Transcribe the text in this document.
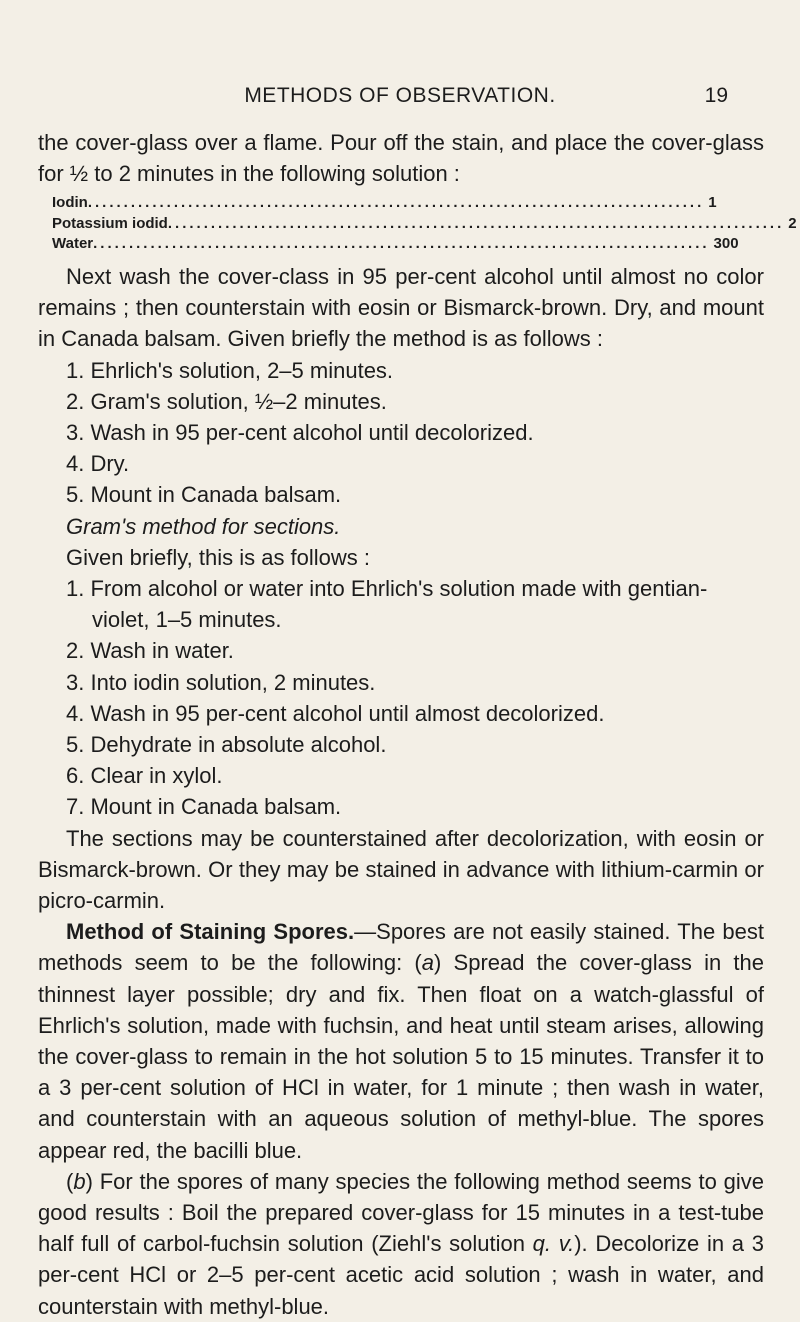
METHODS OF OBSERVATION.	19

the cover-glass over a flame. Pour off the stain, and place the cover-glass for ½ to 2 minutes in the following solution :

Iodin ...................................................................................... 1
Potassium iodid ...................................................................................... 2
Water ...................................................................................... 300

Next wash the cover-class in 95 per-cent alcohol until almost no color remains ; then counterstain with eosin or Bismarck-brown. Dry, and mount in Canada balsam. Given briefly the method is as follows :

1. Ehrlich's solution, 2–5 minutes.
2. Gram's solution, ½–2 minutes.
3. Wash in 95 per-cent alcohol until decolorized.
4. Dry.
5. Mount in Canada balsam.

Gram's method for sections.

Given briefly, this is as follows :

1. From alcohol or water into Ehrlich's solution made with gentian-violet, 1–5 minutes.
2. Wash in water.
3. Into iodin solution, 2 minutes.
4. Wash in 95 per-cent alcohol until almost decolorized.
5. Dehydrate in absolute alcohol.
6. Clear in xylol.
7. Mount in Canada balsam.

The sections may be counterstained after decolorization, with eosin or Bismarck-brown. Or they may be stained in advance with lithium-carmin or picro-carmin.

Method of Staining Spores.—Spores are not easily stained. The best methods seem to be the following: (a) Spread the cover-glass in the thinnest layer possible; dry and fix. Then float on a watch-glassful of Ehrlich's solution, made with fuchsin, and heat until steam arises, allowing the cover-glass to remain in the hot solution 5 to 15 minutes. Transfer it to a 3 per-cent solution of HCl in water, for 1 minute ; then wash in water, and counterstain with an aqueous solution of methyl-blue. The spores appear red, the bacilli blue.

(b) For the spores of many species the following method seems to give good results : Boil the prepared cover-glass for 15 minutes in a test-tube half full of carbol-fuchsin solution (Ziehl's solution q. v.). Decolorize in a 3 per-cent HCl or 2–5 per-cent acetic acid solution ; wash in water, and counterstain with methyl-blue.
